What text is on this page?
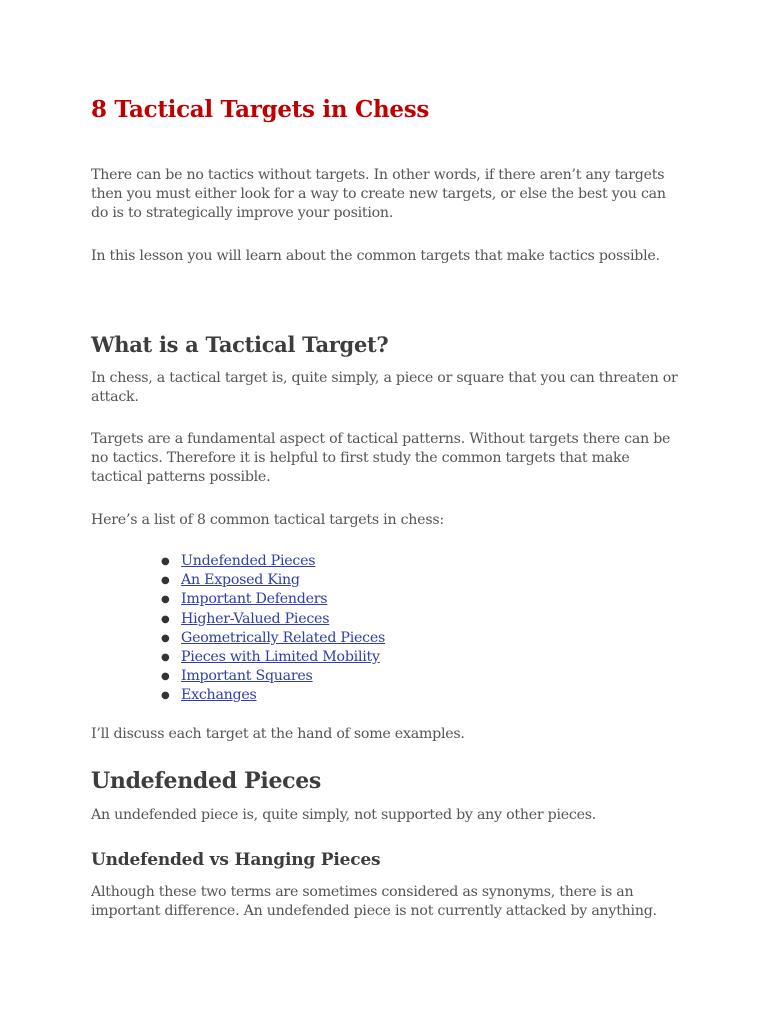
8 Tactical Targets in Chess

There can be no tactics without targets. In other words, if there aren’t any targets then you must either look for a way to create new targets, or else the best you can do is to strategically improve your position.

In this lesson you will learn about the common targets that make tactics possible.

What is a Tactical Target?

In chess, a tactical target is, quite simply, a piece or square that you can threaten or attack.

Targets are a fundamental aspect of tactical patterns. Without targets there can be no tactics. Therefore it is helpful to first study the common targets that make tactical patterns possible.

Here’s a list of 8 common tactical targets in chess:

● Undefended Pieces
● An Exposed King
● Important Defenders
● Higher-Valued Pieces
● Geometrically Related Pieces
● Pieces with Limited Mobility
● Important Squares
● Exchanges

I’ll discuss each target at the hand of some examples.

Undefended Pieces

An undefended piece is, quite simply, not supported by any other pieces.

Undefended vs Hanging Pieces

Although these two terms are sometimes considered as synonyms, there is an important difference. An undefended piece is not currently attacked by anything.
